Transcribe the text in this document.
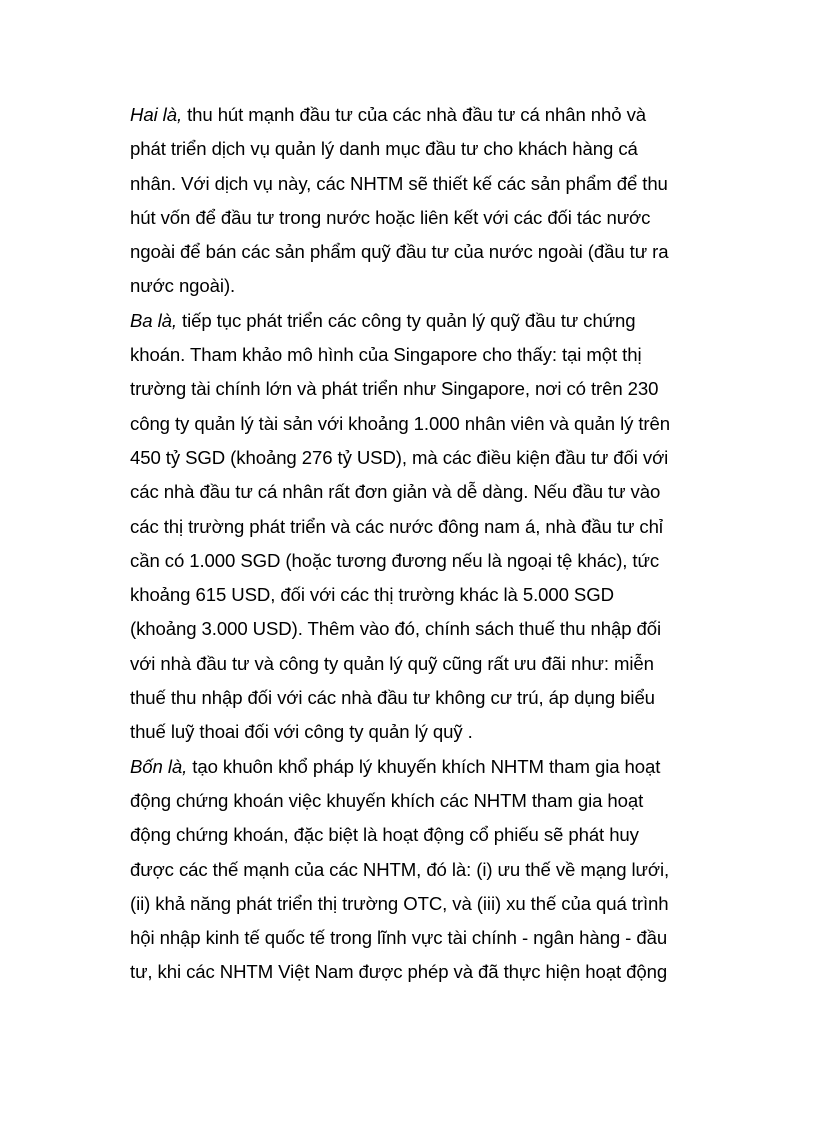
Hai là, thu hút mạnh đầu tư của các nhà đầu tư cá nhân nhỏ và phát triển dịch vụ quản lý danh mục đầu tư cho khách hàng cá nhân. Với dịch vụ này, các NHTM sẽ thiết kế các sản phẩm để thu hút vốn để đầu tư trong nước hoặc liên kết với các đối tác nước ngoài để bán các sản phẩm quỹ đầu tư của nước ngoài (đầu tư ra nước ngoài).

Ba là, tiếp tục phát triển các công ty quản lý quỹ đầu tư chứng khoán. Tham khảo mô hình của Singapore cho thấy: tại một thị trường tài chính lớn và phát triển như Singapore, nơi có trên 230 công ty quản lý tài sản với khoảng 1.000 nhân viên và quản lý trên 450 tỷ SGD (khoảng 276 tỷ USD), mà các điều kiện đầu tư đối với các nhà đầu tư cá nhân rất đơn giản và dễ dàng. Nếu đầu tư vào các thị trường phát triển và các nước đông nam á, nhà đầu tư chỉ cần có 1.000 SGD (hoặc tương đương nếu là ngoại tệ khác), tức khoảng 615 USD, đối với các thị trường khác là 5.000 SGD (khoảng 3.000 USD). Thêm vào đó, chính sách thuế thu nhập đối với nhà đầu tư và công ty quản lý quỹ cũng rất ưu đãi như: miễn thuế thu nhập đối với các nhà đầu tư không cư trú, áp dụng biểu thuế luỹ thoai đối với công ty quản lý quỹ .

Bốn là, tạo khuôn khổ pháp lý khuyến khích NHTM tham gia hoạt động chứng khoán việc khuyến khích các NHTM tham gia hoạt động chứng khoán, đặc biệt là hoạt động cổ phiếu sẽ phát huy được các thế mạnh của các NHTM, đó là: (i) ưu thế về mạng lưới, (ii) khả năng phát triển thị trường OTC, và (iii) xu thế của quá trình hội nhập kinh tế quốc tế trong lĩnh vực tài chính - ngân hàng - đầu tư, khi các NHTM Việt Nam được phép và đã thực hiện hoạt động
